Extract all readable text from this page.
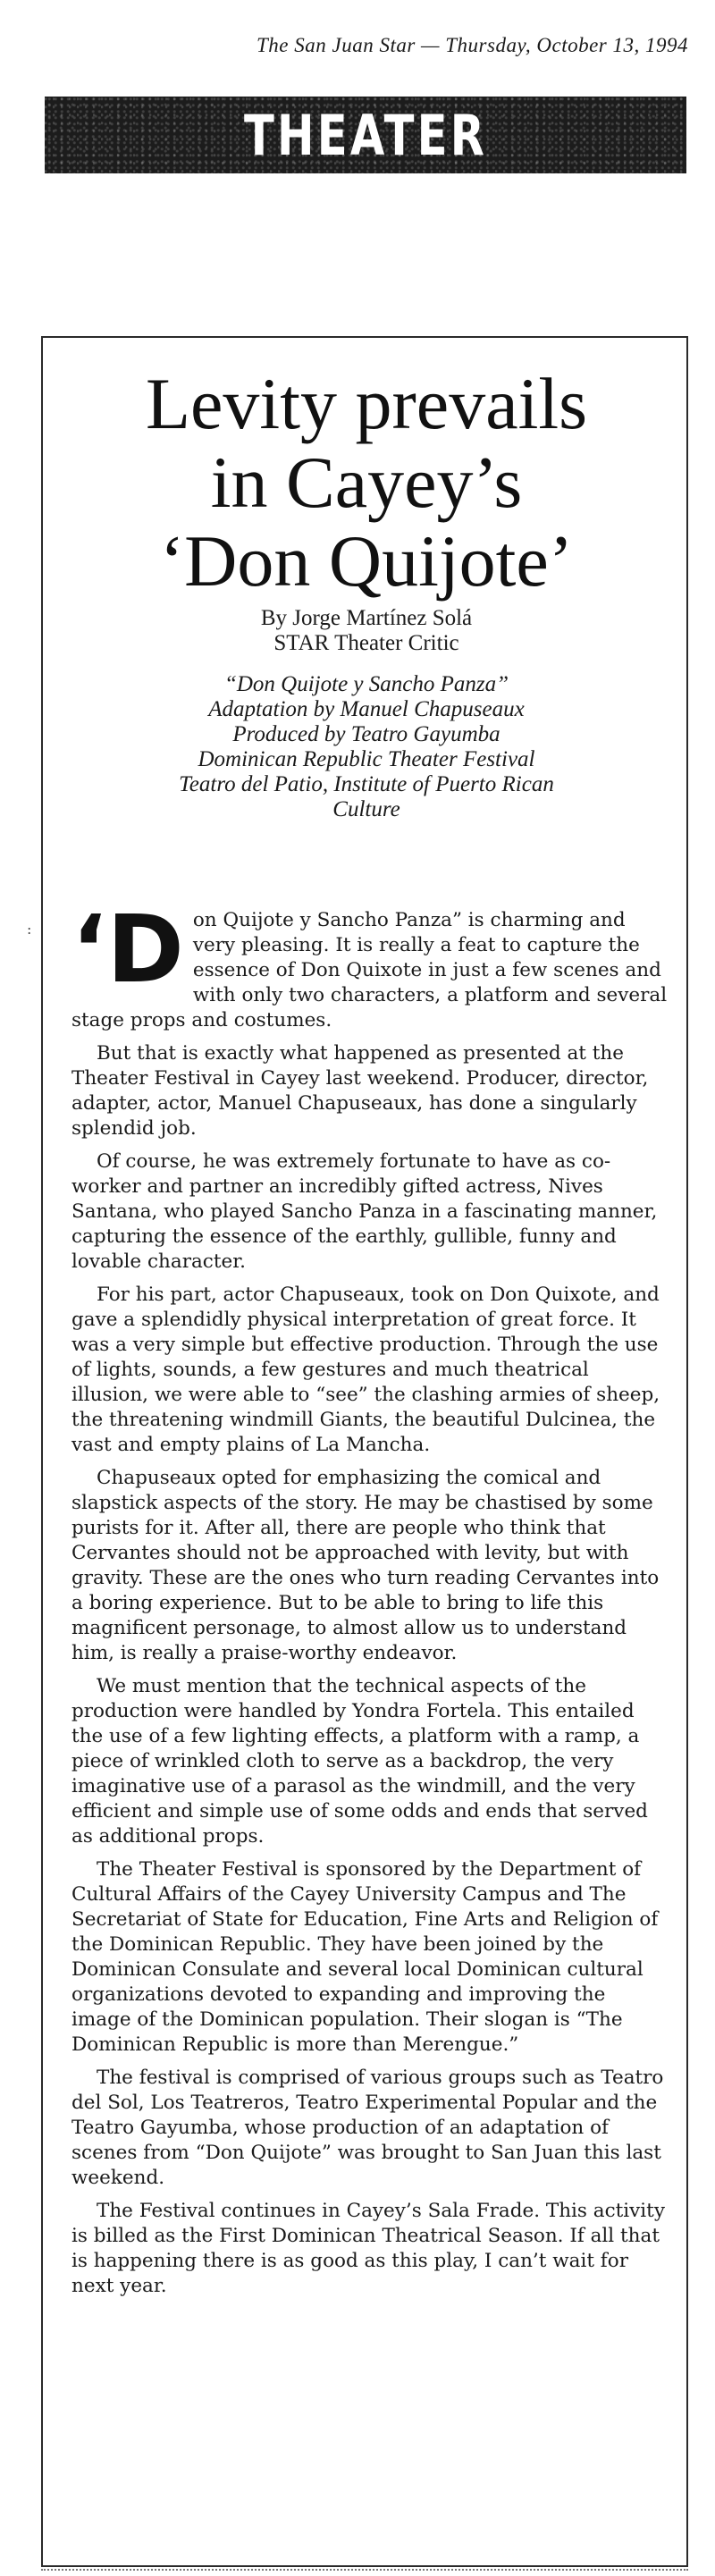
The San Juan Star — Thursday, October 13, 1994
THEATER
Levity prevails
in Cayey’s
‘Don Quijote’
By Jorge Martínez Solá
STAR Theater Critic
“Don Quijote y Sancho Panza”
Adaptation by Manuel Chapuseaux
Produced by Teatro Gayumba
Dominican Republic Theater Festival
Teatro del Patio, Institute of Puerto Rican
Culture
: ‘D on Quijote y Sancho Panza” is charming and very pleasing. It is really a feat to capture the essence of Don Quixote in just a few scenes and with only two characters, a platform and several stage props and costumes.

But that is exactly what happened as presented at the Theater Festival in Cayey last weekend. Producer, director, adapter, actor, Manuel Chapuseaux, has done a singularly splendid job.

Of course, he was extremely fortunate to have as co-worker and partner an incredibly gifted actress, Nives Santana, who played Sancho Panza in a fascinating manner, capturing the essence of the earthly, gullible, funny and lovable character.

For his part, actor Chapuseaux, took on Don Quixote, and gave a splendidly physical interpretation of great force. It was a very simple but effective production. Through the use of lights, sounds, a few gestures and much theatrical illusion, we were able to “see” the clashing armies of sheep, the threatening windmill Giants, the beautiful Dulcinea, the vast and empty plains of La Mancha.

Chapuseaux opted for emphasizing the comical and slapstick aspects of the story. He may be chastised by some purists for it. After all, there are people who think that Cervantes should not be approached with levity, but with gravity. These are the ones who turn reading Cervantes into a boring experience. But to be able to bring to life this magnificent personage, to almost allow us to understand him, is really a praise-worthy endeavor.

We must mention that the technical aspects of the production were handled by Yondra Fortela. This entailed the use of a few lighting effects, a platform with a ramp, a piece of wrinkled cloth to serve as a backdrop, the very imaginative use of a parasol as the windmill, and the very efficient and simple use of some odds and ends that served as additional props.

The Theater Festival is sponsored by the Department of Cultural Affairs of the Cayey University Campus and The Secretariat of State for Education, Fine Arts and Religion of the Dominican Republic. They have been joined by the Dominican Consulate and several local Dominican cultural organizations devoted to expanding and improving the image of the Dominican population. Their slogan is “The Dominican Republic is more than Merengue.”

The festival is comprised of various groups such as Teatro del Sol, Los Teatreros, Teatro Experimental Popular and the Teatro Gayumba, whose production of an adaptation of scenes from “Don Quijote” was brought to San Juan this last weekend.

The Festival continues in Cayey’s Sala Frade. This activity is billed as the First Dominican Theatrical Season. If all that is happening there is as good as this play, I can’t wait for next year.
